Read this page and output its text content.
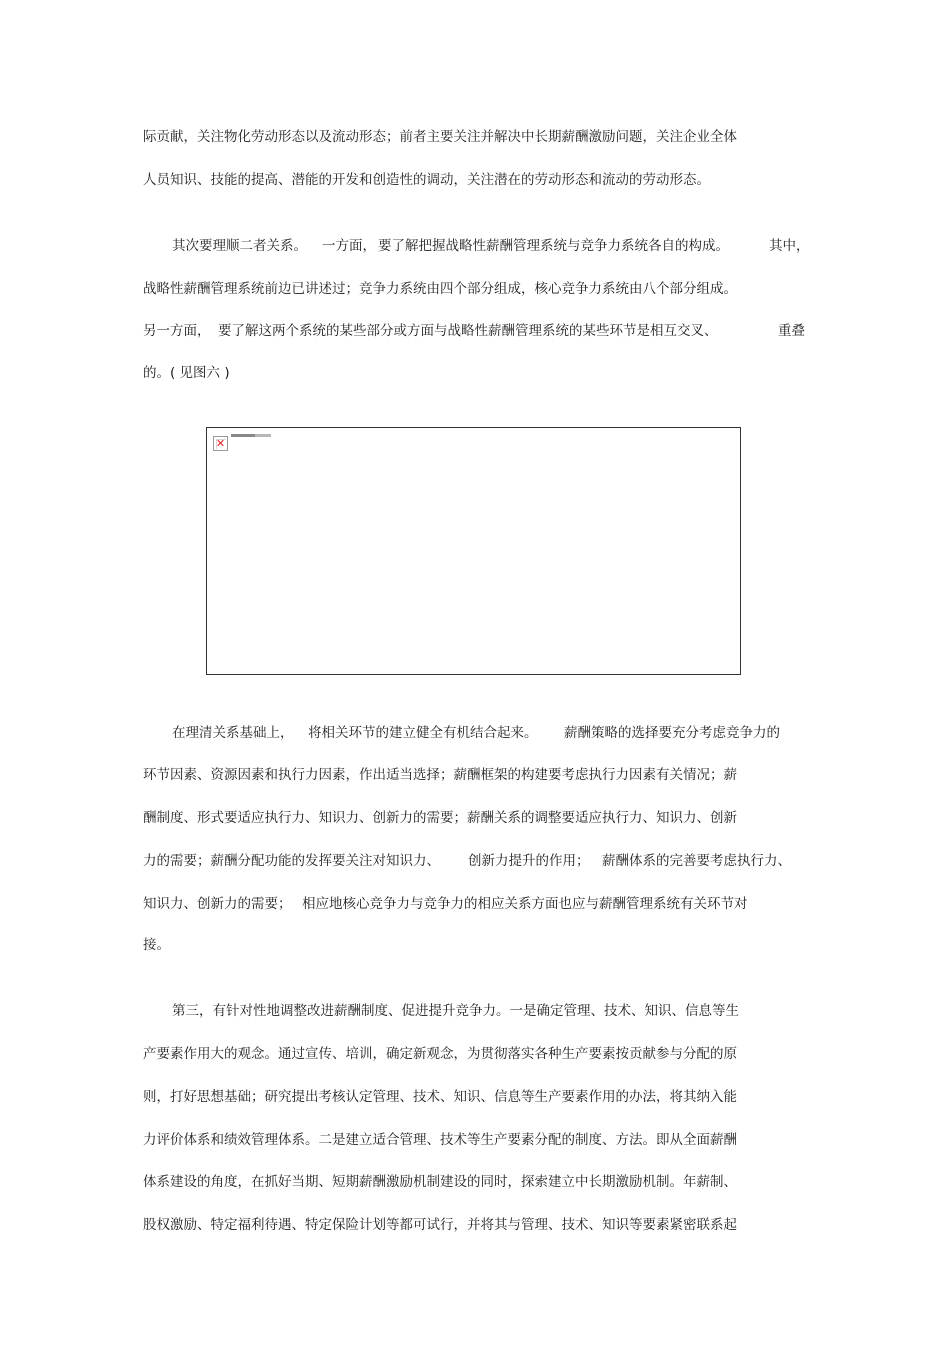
际贡献，关注物化劳动形态以及流动形态；前者主要关注并解决中长期薪酬激励问题，关注企业全体

人员知识、技能的提高、潜能的开发和创造性的调动，关注潜在的劳动形态和流动的劳动形态。

其次要理顺二者关系。 一方面， 要了解把握战略性薪酬管理系统与竞争力系统各自的构成。	其中，

战略性薪酬管理系统前边已讲述过；竞争力系统由四个部分组成，核心竞争力系统由八个部分组成。

另一方面， 要了解这两个系统的某些部分或方面与战略性薪酬管理系统的某些环节是相互交叉、	重叠

的。( 见图六 )

✕
在理清关系基础上， 将相关环节的建立健全有机结合起来。 薪酬策略的选择要充分考虑竞争力的

环节因素、资源因素和执行力因素，作出适当选择；薪酬框架的构建要考虑执行力因素有关情况；薪

酬制度、形式要适应执行力、知识力、创新力的需要；薪酬关系的调整要适应执行力、知识力、创新

力的需要；薪酬分配功能的发挥要关注对知识力、 创新力提升的作用； 薪酬体系的完善要考虑执行力、
知识力、创新力的需要； 相应地核心竞争力与竞争力的相应关系方面也应与薪酬管理系统有关环节对

接。

第三，有针对性地调整改进薪酬制度、促进提升竞争力。一是确定管理、技术、知识、信息等生

产要素作用大的观念。通过宣传、培训，确定新观念，为贯彻落实各种生产要素按贡献参与分配的原

则，打好思想基础；研究提出考核认定管理、技术、知识、信息等生产要素作用的办法，将其纳入能

力评价体系和绩效管理体系。二是建立适合管理、技术等生产要素分配的制度、方法。即从全面薪酬

体系建设的角度，在抓好当期、短期薪酬激励机制建设的同时，探索建立中长期激励机制。年薪制、

股权激励、特定福利待遇、特定保险计划等都可试行，并将其与管理、技术、知识等要素紧密联系起
